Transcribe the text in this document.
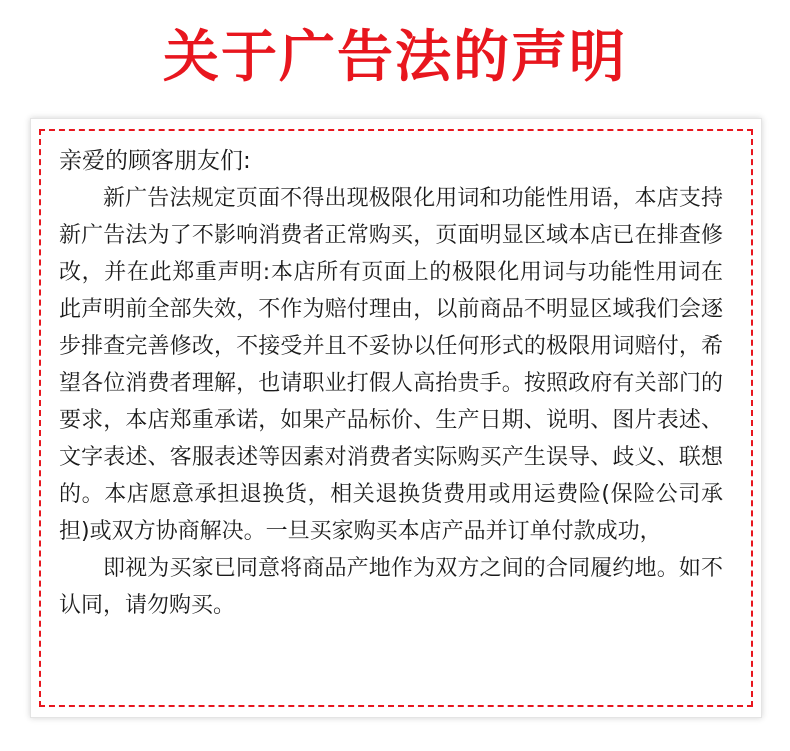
关于广告法的声明
亲爱的顾客朋友们:

新广告法规定页面不得出现极限化用词和功能性用语，本店支持新广告法为了不影响消费者正常购买，页面明显区域本店已在排查修改，并在此郑重声明:本店所有页面上的极限化用词与功能性用词在此声明前全部失效，不作为赔付理由，以前商品不明显区域我们会逐步排查完善修改，不接受并且不妥协以任何形式的极限用词赔付，希望各位消费者理解，也请职业打假人高抬贵手。按照政府有关部门的要求，本店郑重承诺，如果产品标价、生产日期、说明、图片表述、文字表述、客服表述等因素对消费者实际购买产生误导、歧义、联想的。本店愿意承担退换货，相关退换货费用或用运费险(保险公司承担)或双方协商解决。一旦买家购买本店产品并订单付款成功，

即视为买家已同意将商品产地作为双方之间的合同履约地。如不认同，请勿购买。
